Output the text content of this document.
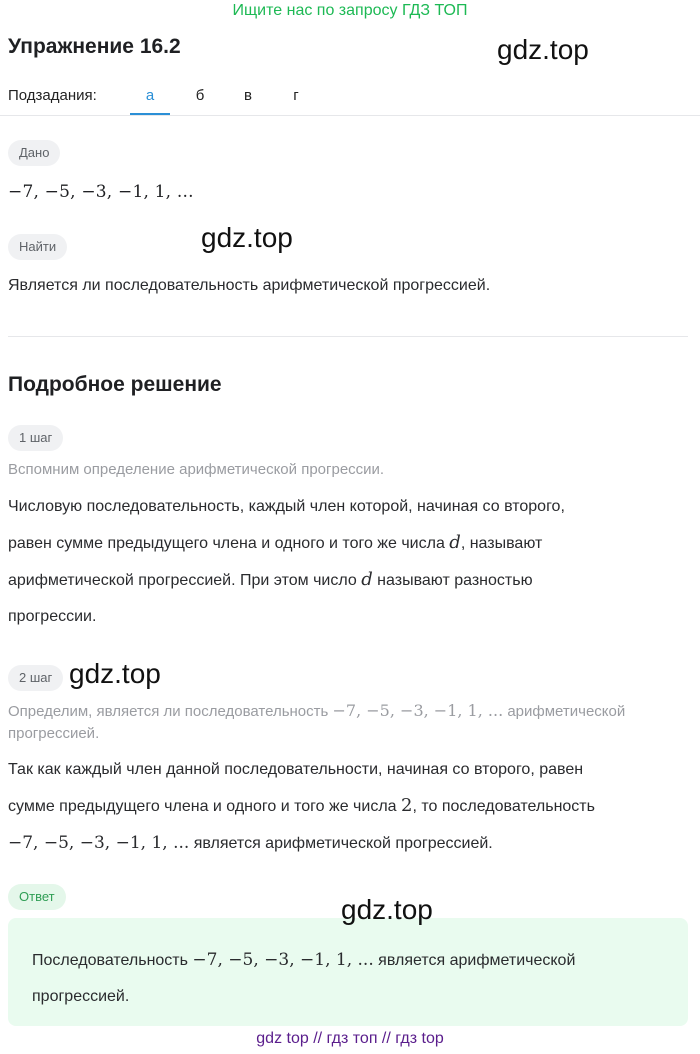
Ищите нас по запросу ГДЗ ТОП
Упражнение 16.2	gdz.top
Подзадания:	а	б	в	г
Дано
−7, −5, −3, −1, 1, ...
Найти	gdz.top
Является ли последовательность арифметической прогрессией.
Подробное решение
1 шаг
Вспомним определение арифметической прогрессии.
Числовую последовательность, каждый член которой, начиная со второго,
равен сумме предыдущего члена и одного и того же числа d, называют
арифметической прогрессией. При этом число d называют разностью
прогрессии.
2 шаг gdz.top
Определим, является ли последовательность −7, −5, −3, −1, 1, ... арифметической
прогрессией.
Так как каждый член данной последовательности, начиная со второго, равен
сумме предыдущего члена и одного и того же числа 2, то последовательность
−7, −5, −3, −1, 1, ... является арифметической прогрессией.
Ответ	gdz.top
Последовательность −7, −5, −3, −1, 1, ... является арифметической
прогрессией.
gdz top // гдз топ // гдз top
